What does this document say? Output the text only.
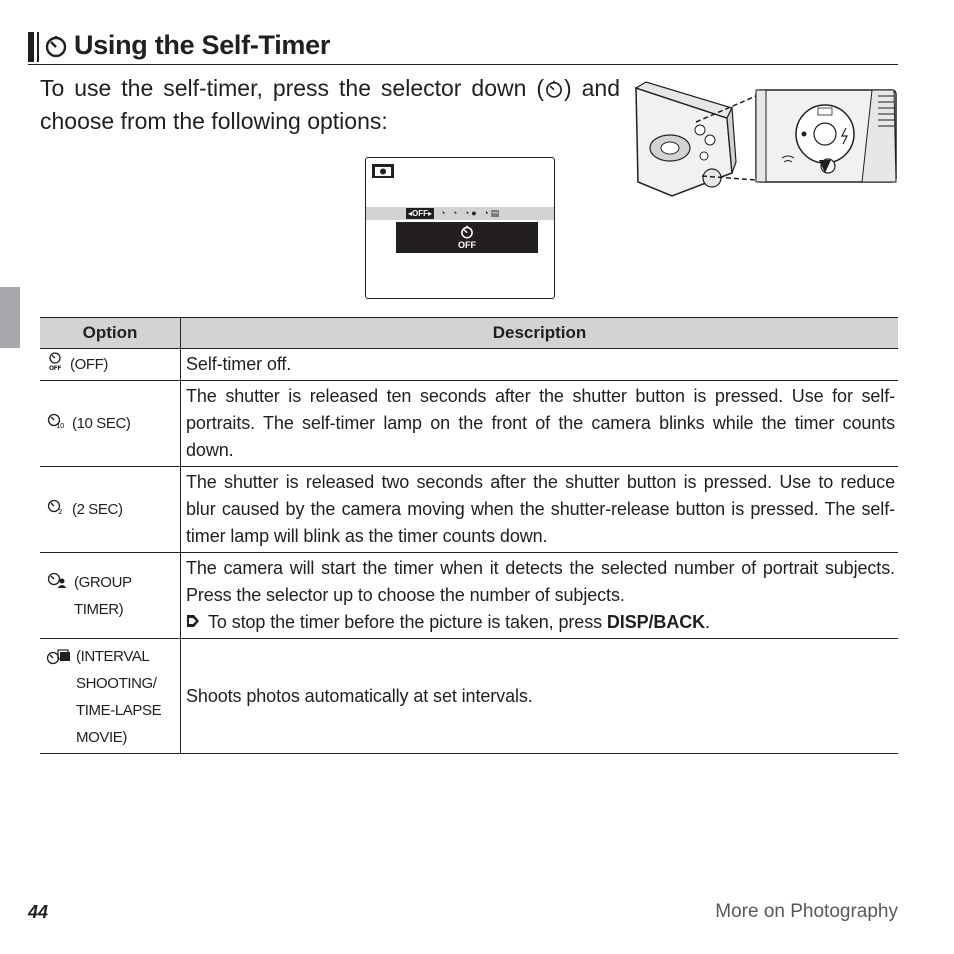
Using the Self-Timer
To use the self-timer, press the selector down ( ) and choose from the following options:
◂OFF▸ ◔ ◔ ◔● ◔▤
OFF
Option	Description

OFF (OFF)	Self-timer off.

10 (10 SEC)	The shutter is released ten seconds after the shutter button is pressed. Use for self-portraits. The self-timer lamp on the front of the camera blinks while the timer counts down.

2 (2 SEC)	The shutter is released two seconds after the shutter button is pressed. Use to reduce blur caused by the camera moving when the shutter-release button is pressed. The self-timer lamp will blink as the timer counts down.

(GROUP TIMER)	The camera will start the timer when it detects the selected number of portrait subjects. Press the selector up to choose the number of subjects.
To stop the timer before the picture is taken, press DISP/BACK.

(INTERVAL SHOOTING/ TIME-LAPSE MOVIE)	Shoots photos automatically at set intervals.
44	More on Photography
